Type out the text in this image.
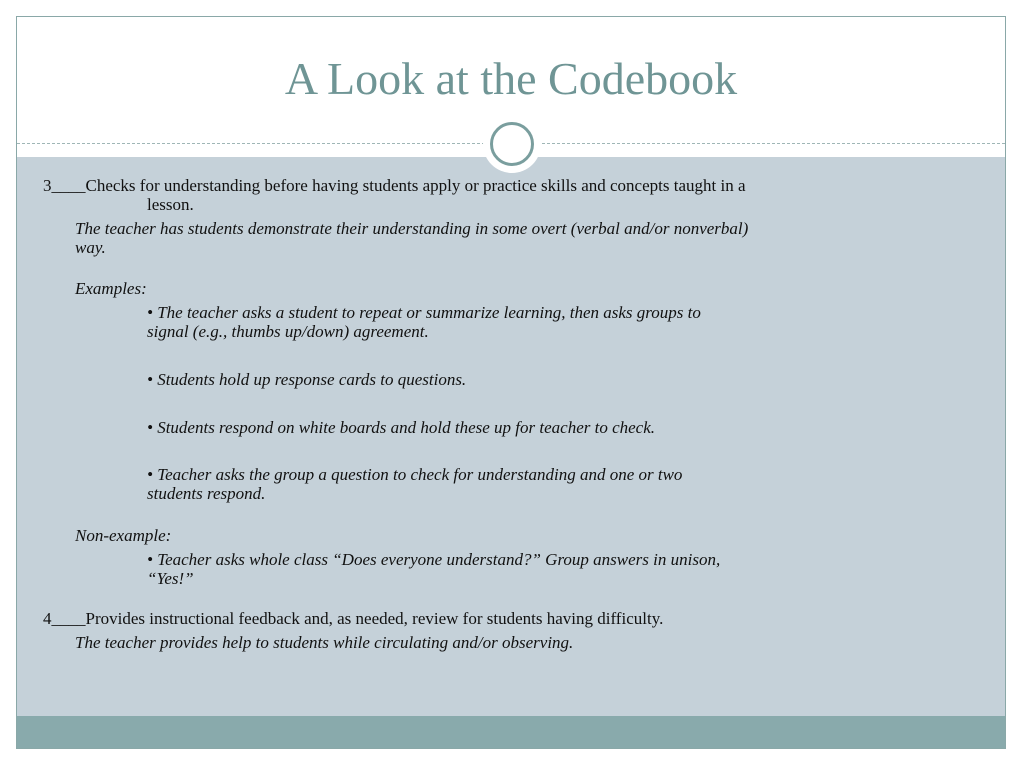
A Look at the Codebook
3____Checks for understanding before having students apply or practice skills and concepts taught in a
lesson.
The teacher has students demonstrate their understanding in some overt (verbal and/or nonverbal)
way.
Examples:
• The teacher asks a student to repeat or summarize learning, then asks groups to
signal (e.g., thumbs up/down) agreement.
• Students hold up response cards to questions.
• Students respond on white boards and hold these up for teacher to check.
• Teacher asks the group a question to check for understanding and one or two
students respond.
Non-example:
• Teacher asks whole class “Does everyone understand?” Group answers in unison,
“Yes!”
4____Provides instructional feedback and, as needed, review for students having difficulty.
The teacher provides help to students while circulating and/or observing.
